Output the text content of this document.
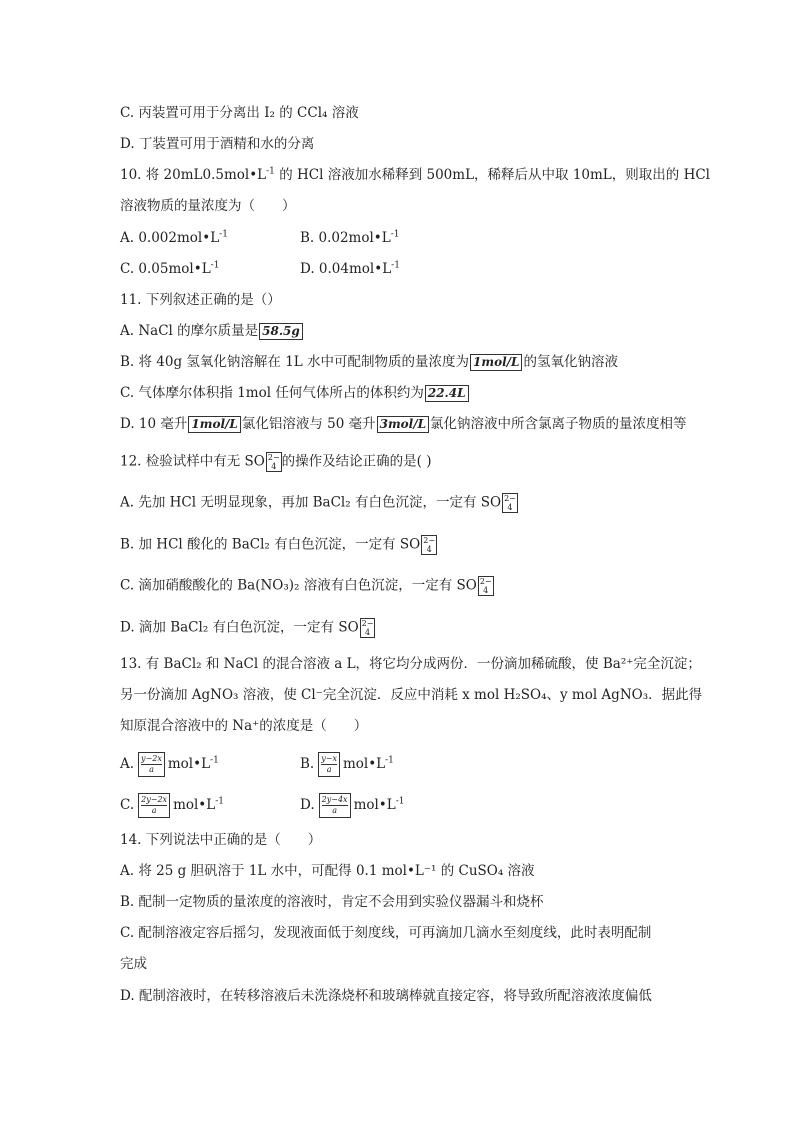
C. 丙装置可用于分离出 I₂ 的 CCl₄ 溶液
D. 丁装置可用于酒精和水的分离
10. 将 $20mL0.5mol•L^{-1}$ 的 HCl 溶液加水稀释到 500mL，稀释后从中取 10mL，则取出的 HCl
溶液物质的量浓度为（　　）
A. $0.002mol•L^{-1}$	B. $0.02mol•L^{-1}$
C. $0.05mol•L^{-1}$	D. $0.04mol•L^{-1}$
11. 下列叙述正确的是（）
A. NaCl 的摩尔质量是 58.5g
B. 将 40g 氢氧化钠溶解在 1L 水中可配制物质的量浓度为 1mol/L 的氢氧化钠溶液
C. 气体摩尔体积指 1mol 任何气体所占的体积约为 22.4L
D. 10 毫升 1mol/L 氯化铝溶液与 50 毫升 3mol/L 氯化钠溶液中所含氯离子物质的量浓度相等
12. 检验试样中有无 SO 2−
4 的操作及结论正确的是( )
A. 先加 HCl 无明显现象，再加 BaCl₂ 有白色沉淀，一定有 SO 2−
4
B. 加 HCl 酸化的 BaCl₂ 有白色沉淀，一定有 SO 2−
4
C. 滴加硝酸酸化的 Ba(NO₃)₂ 溶液有白色沉淀，一定有 SO 2−
4
D. 滴加 BaCl₂ 有白色沉淀，一定有 SO 2−
4
13. 有 BaCl₂ 和 NaCl 的混合溶液 a L，将它均分成两份．一份滴加稀硫酸，使 Ba²⁺完全沉淀；
另一份滴加 AgNO₃ 溶液，使 Cl⁻完全沉淀．反应中消耗 x mol H₂SO₄、y mol AgNO₃．据此得
知原混合溶液中的 Na⁺的浓度是（　　）
A. $\frac{y-2x}{a}$ $mol•L^{-1}$	B. $\frac{y-x}{a}$ $mol•L^{-1}$
C. $\frac{2y-2x}{a}$ $mol•L^{-1}$	D. $\frac{2y-4x}{a}$ $mol•L^{-1}$
14. 下列说法中正确的是（　　）
A. 将 25 g 胆矾溶于 1L 水中，可配得 0.1 mol•L⁻¹ 的 CuSO₄ 溶液
B. 配制一定物质的量浓度的溶液时，肯定不会用到实验仪器漏斗和烧杯
C. 配制溶液定容后摇匀，发现液面低于刻度线，可再滴加几滴水至刻度线，此时表明配制
完成
D. 配制溶液时，在转移溶液后未洗涤烧杯和玻璃棒就直接定容，将导致所配溶液浓度偏低
